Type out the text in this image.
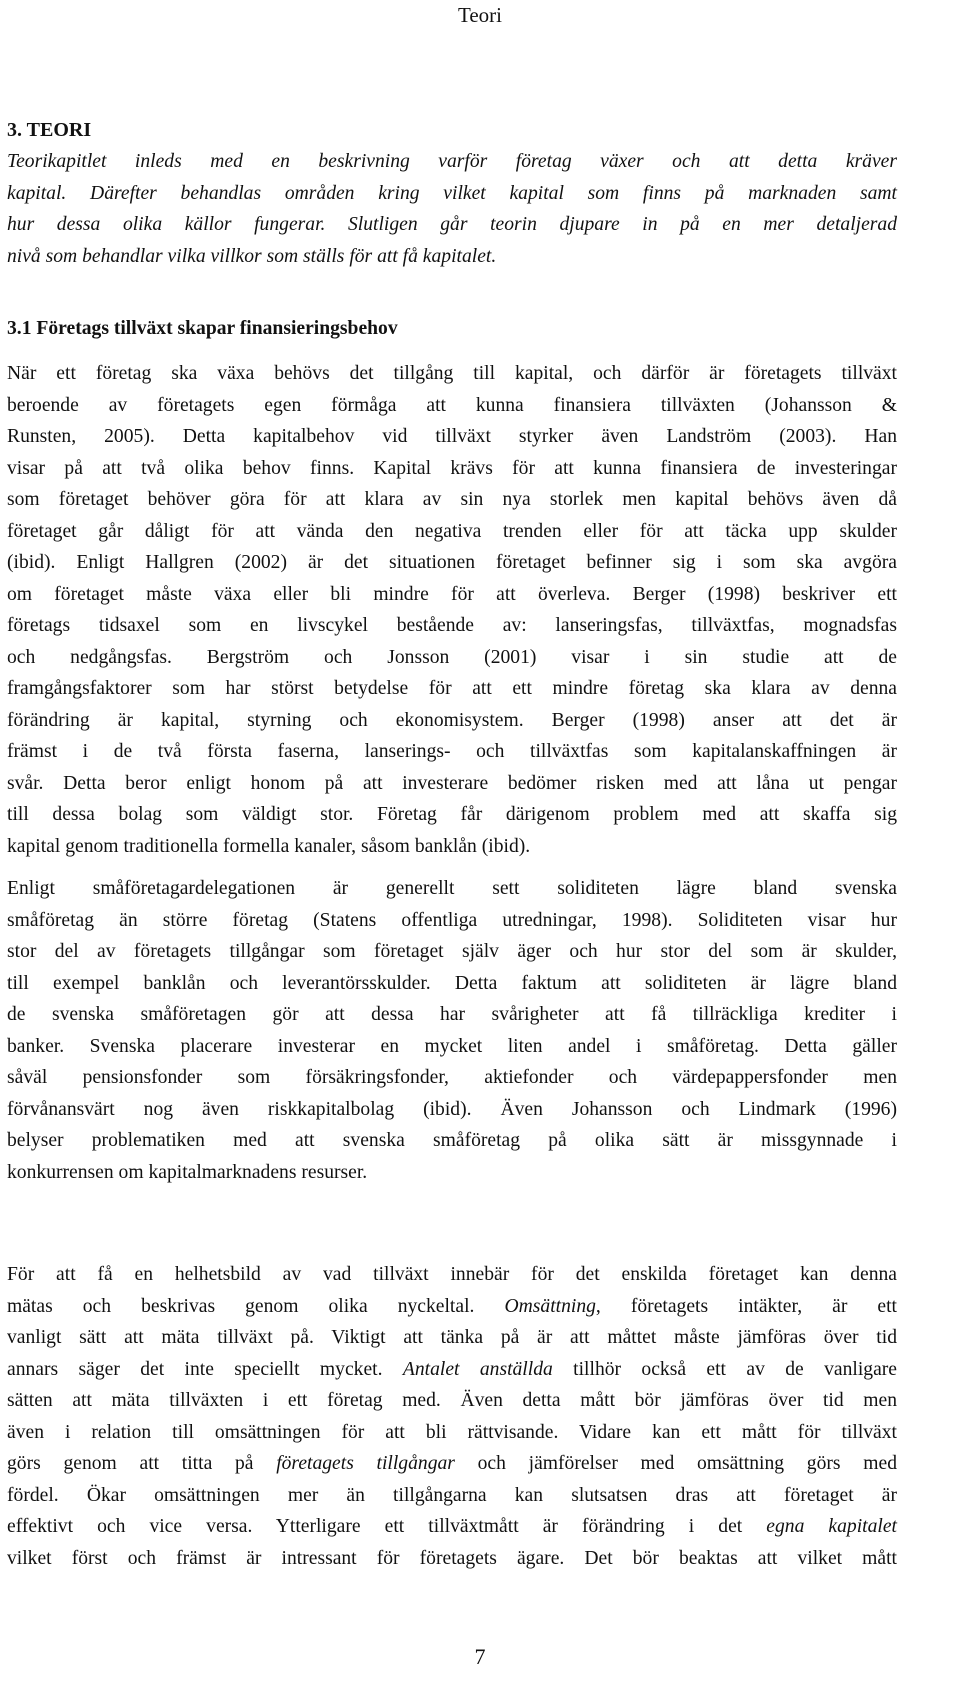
Teori
3. TEORI
Teorikapitlet inleds med en beskrivning varför företag växer och att detta kräver
kapital. Därefter behandlas områden kring vilket kapital som finns på marknaden samt
hur dessa olika källor fungerar. Slutligen går teorin djupare in på en mer detaljerad
nivå som behandlar vilka villkor som ställs för att få kapitalet.
3.1 Företags tillväxt skapar finansieringsbehov
När ett företag ska växa behövs det tillgång till kapital, och därför är företagets tillväxt
beroende av företagets egen förmåga att kunna finansiera tillväxten (Johansson &
Runsten, 2005). Detta kapitalbehov vid tillväxt styrker även Landström (2003). Han
visar på att två olika behov finns. Kapital krävs för att kunna finansiera de investeringar
som företaget behöver göra för att klara av sin nya storlek men kapital behövs även då
företaget går dåligt för att vända den negativa trenden eller för att täcka upp skulder
(ibid). Enligt Hallgren (2002) är det situationen företaget befinner sig i som ska avgöra
om företaget måste växa eller bli mindre för att överleva. Berger (1998) beskriver ett
företags tidsaxel som en livscykel bestående av: lanseringsfas, tillväxtfas, mognadsfas
och nedgångsfas. Bergström och Jonsson (2001) visar i sin studie att de
framgångsfaktorer som har störst betydelse för att ett mindre företag ska klara av denna
förändring är kapital, styrning och ekonomisystem. Berger (1998) anser att det är
främst i de två första faserna, lanserings- och tillväxtfas som kapitalanskaffningen är
svår. Detta beror enligt honom på att investerare bedömer risken med att låna ut pengar
till dessa bolag som väldigt stor. Företag får därigenom problem med att skaffa sig
kapital genom traditionella formella kanaler, såsom banklån (ibid).
Enligt småföretagardelegationen är generellt sett soliditeten lägre bland svenska
småföretag än större företag (Statens offentliga utredningar, 1998). Soliditeten visar hur
stor del av företagets tillgångar som företaget själv äger och hur stor del som är skulder,
till exempel banklån och leverantörsskulder. Detta faktum att soliditeten är lägre bland
de svenska småföretagen gör att dessa har svårigheter att få tillräckliga krediter i
banker. Svenska placerare investerar en mycket liten andel i småföretag. Detta gäller
såväl pensionsfonder som försäkringsfonder, aktiefonder och värdepappersfonder men
förvånansvärt nog även riskkapitalbolag (ibid). Även Johansson och Lindmark (1996)
belyser problematiken med att svenska småföretag på olika sätt är missgynnade i
konkurrensen om kapitalmarknadens resurser.
För att få en helhetsbild av vad tillväxt innebär för det enskilda företaget kan denna
mätas och beskrivas genom olika nyckeltal. Omsättning, företagets intäkter, är ett
vanligt sätt att mäta tillväxt på. Viktigt att tänka på är att måttet måste jämföras över tid
annars säger det inte speciellt mycket. Antalet anställda tillhör också ett av de vanligare
sätten att mäta tillväxten i ett företag med. Även detta mått bör jämföras över tid men
även i relation till omsättningen för att bli rättvisande. Vidare kan ett mått för tillväxt
görs genom att titta på företagets tillgångar och jämförelser med omsättning görs med
fördel. Ökar omsättningen mer än tillgångarna kan slutsatsen dras att företaget är
effektivt och vice versa. Ytterligare ett tillväxtmått är förändring i det egna kapitalet
vilket först och främst är intressant för företagets ägare. Det bör beaktas att vilket mått
7
